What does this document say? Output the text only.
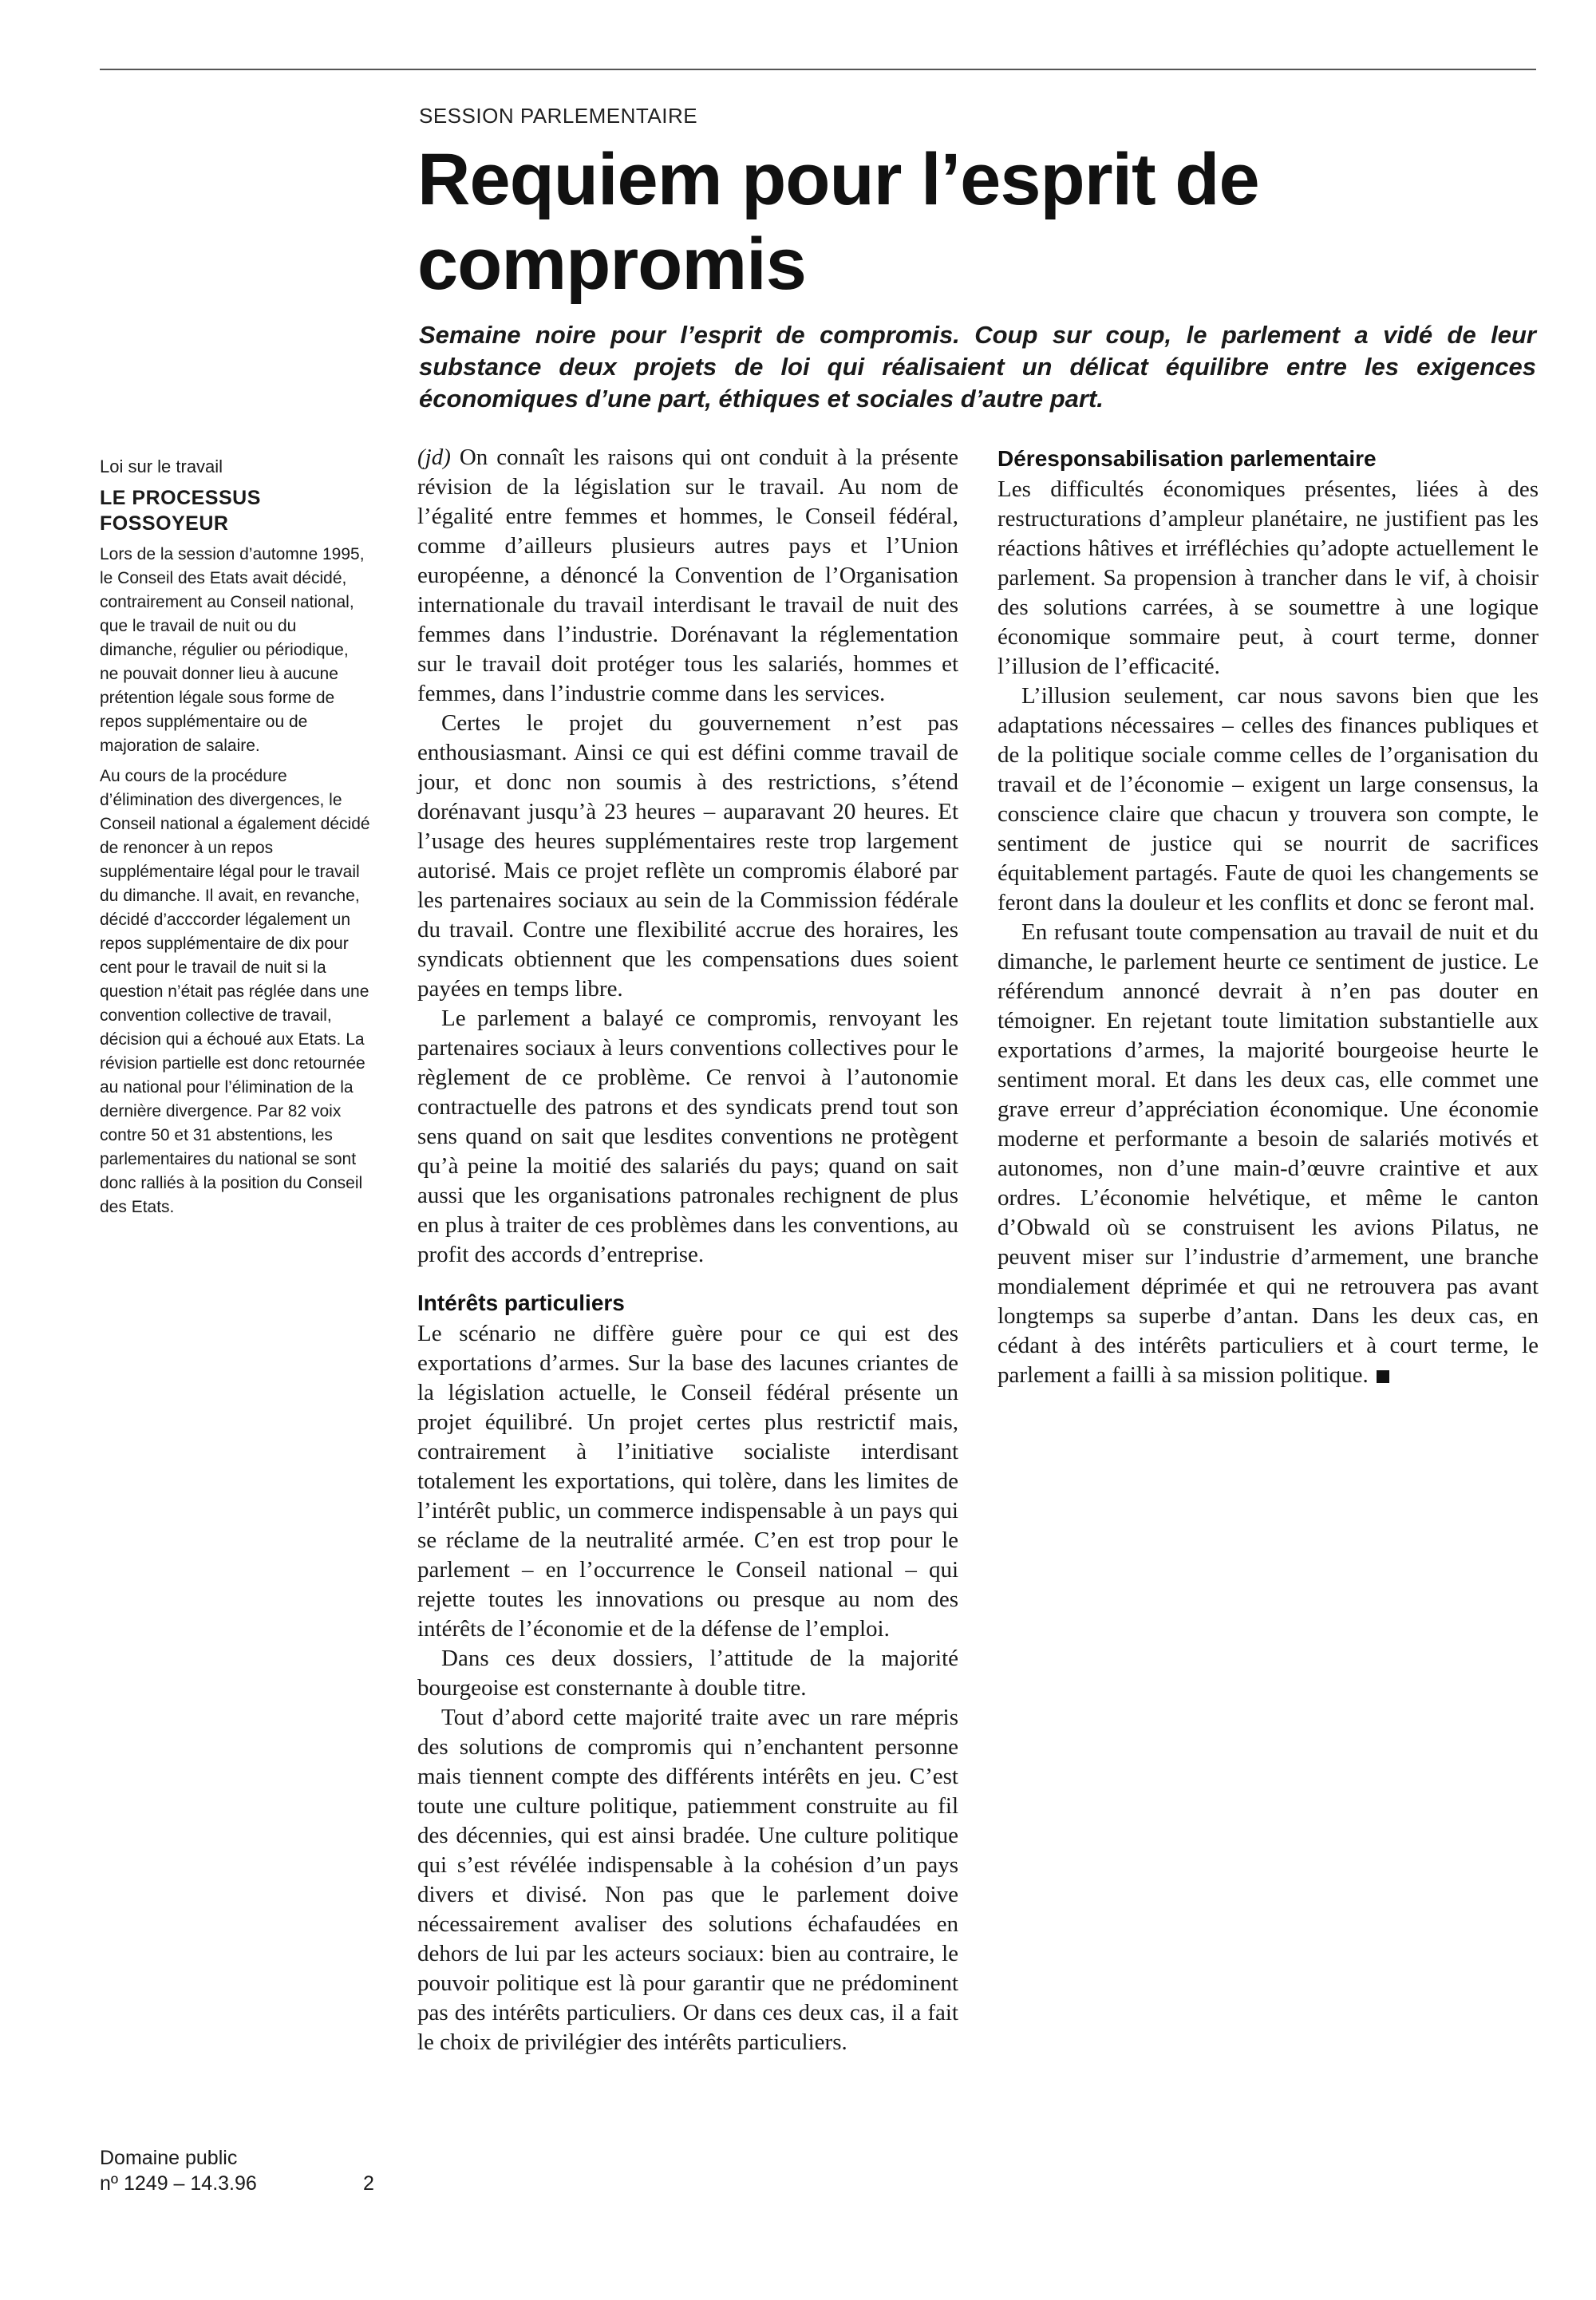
SESSION PARLEMENTAIRE
Requiem pour l’esprit de compromis

Semaine noire pour l’esprit de compromis. Coup sur coup, le parlement a vidé de leur substance deux projets de loi qui réalisaient un délicat équilibre entre les exigences économiques d’une part, éthiques et sociales d’autre part.

Loi sur le travail

LE PROCESSUS FOSSOYEUR

Lors de la session d’automne 1995, le Conseil des Etats avait décidé, contrairement au Conseil national, que le travail de nuit ou du dimanche, régulier ou périodique, ne pouvait donner lieu à aucune prétention légale sous forme de repos supplémentaire ou de majoration de salaire.

Au cours de la procédure d’élimination des divergences, le Conseil national a également décidé de renoncer à un repos supplémentaire légal pour le travail du dimanche. Il avait, en revanche, décidé d’acccorder légalement un repos supplémentaire de dix pour cent pour le travail de nuit si la question n’était pas réglée dans une convention collective de travail, décision qui a échoué aux Etats. La révision partielle est donc retournée au national pour l’élimination de la dernière divergence. Par 82 voix contre 50 et 31 abstentions, les parlementaires du national se sont donc ralliés à la position du Conseil des Etats.

Domaine public
nº 1249 – 14.3.96	2

(jd) On connaît les raisons qui ont conduit à la présente révision de la législation sur le travail. Au nom de l’égalité entre femmes et hommes, le Conseil fédéral, comme d’ailleurs plusieurs autres pays et l’Union européenne, a dénoncé la Convention de l’Organisation internationale du travail interdisant le travail de nuit des femmes dans l’industrie. Dorénavant la réglementation sur le travail doit protéger tous les salariés, hommes et femmes, dans l’industrie comme dans les services.

Certes le projet du gouvernement n’est pas enthousiasmant. Ainsi ce qui est défini comme travail de jour, et donc non soumis à des restrictions, s’étend dorénavant jusqu’à 23 heures – auparavant 20 heures. Et l’usage des heures supplémentaires reste trop largement autorisé. Mais ce projet reflète un compromis élaboré par les partenaires sociaux au sein de la Commission fédérale du travail. Contre une flexibilité accrue des horaires, les syndicats obtiennent que les compensations dues soient payées en temps libre.

Le parlement a balayé ce compromis, renvoyant les partenaires sociaux à leurs conventions collectives pour le règlement de ce problème. Ce renvoi à l’autonomie contractuelle des patrons et des syndicats prend tout son sens quand on sait que lesdites conventions ne protègent qu’à peine la moitié des salariés du pays; quand on sait aussi que les organisations patronales rechignent de plus en plus à traiter de ces problèmes dans les conventions, au profit des accords d’entreprise.

Intérêts particuliers

Le scénario ne diffère guère pour ce qui est des exportations d’armes. Sur la base des lacunes criantes de la législation actuelle, le Conseil fédéral présente un projet équilibré. Un projet certes plus restrictif mais, contrairement à l’initiative socialiste interdisant totalement les exportations, qui tolère, dans les limites de l’intérêt public, un commerce indispensable à un pays qui se réclame de la neutralité armée. C’en est trop pour le parlement – en l’occurrence le Conseil national – qui rejette toutes les innovations ou presque au nom des intérêts de l’économie et de la défense de l’emploi.

Dans ces deux dossiers, l’attitude de la majorité bourgeoise est consternante à double titre.

Tout d’abord cette majorité traite avec un rare mépris des solutions de compromis qui n’enchantent personne mais tiennent compte des différents intérêts en jeu. C’est toute une culture politique, patiemment construite au fil des décennies, qui est ainsi bradée. Une culture politique qui s’est révélée indispensable à la cohésion d’un pays divers et divisé. Non pas que le parlement doive nécessairement avaliser des solutions échafaudées en dehors de lui par les acteurs sociaux: bien au contraire, le pouvoir politique est là pour garantir que ne prédominent pas des intérêts particuliers. Or dans ces deux cas, il a fait le choix de privilégier des intérêts particuliers.

Déresponsabilisation parlementaire

Les difficultés économiques présentes, liées à des restructurations d’ampleur planétaire, ne justifient pas les réactions hâtives et irréfléchies qu’adopte actuellement le parlement. Sa propension à trancher dans le vif, à choisir des solutions carrées, à se soumettre à une logique économique sommaire peut, à court terme, donner l’illusion de l’efficacité.

L’illusion seulement, car nous savons bien que les adaptations nécessaires – celles des finances publiques et de la politique sociale comme celles de l’organisation du travail et de l’économie – exigent un large consensus, la conscience claire que chacun y trouvera son compte, le sentiment de justice qui se nourrit de sacrifices équitablement partagés. Faute de quoi les changements se feront dans la douleur et les conflits et donc se feront mal.

En refusant toute compensation au travail de nuit et du dimanche, le parlement heurte ce sentiment de justice. Le référendum annoncé devrait à n’en pas douter en témoigner. En rejetant toute limitation substantielle aux exportations d’armes, la majorité bourgeoise heurte le sentiment moral. Et dans les deux cas, elle commet une grave erreur d’appréciation économique. Une économie moderne et performante a besoin de salariés motivés et autonomes, non d’une main-d’œuvre craintive et aux ordres. L’économie helvétique, et même le canton d’Obwald où se construisent les avions Pilatus, ne peuvent miser sur l’industrie d’armement, une branche mondialement déprimée et qui ne retrouvera pas avant longtemps sa superbe d’antan. Dans les deux cas, en cédant à des intérêts particuliers et à court terme, le parlement a failli à sa mission politique.
